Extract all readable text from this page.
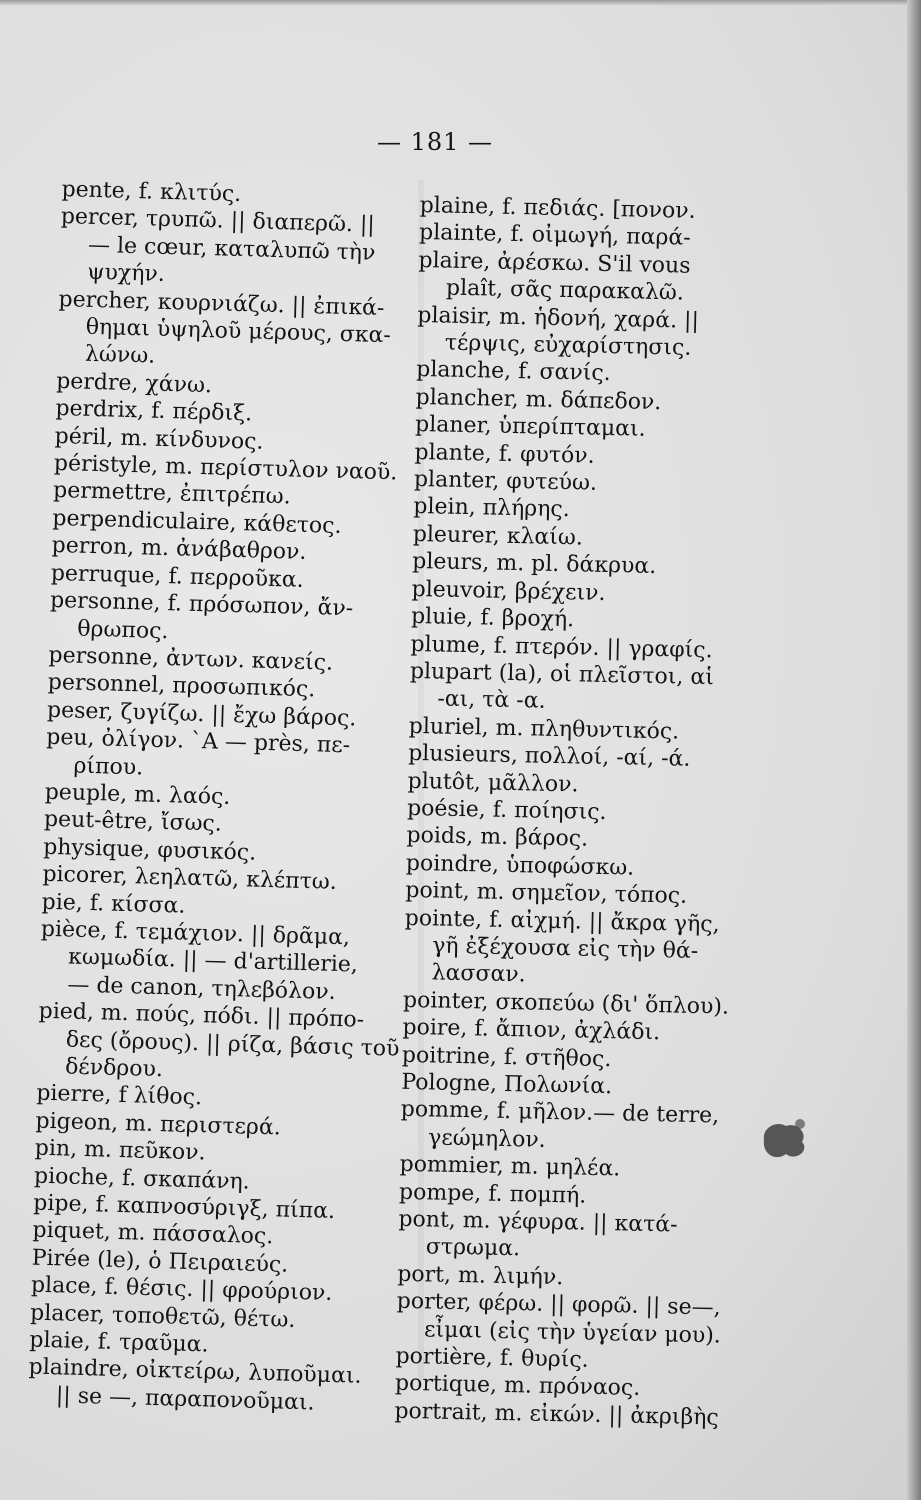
— 181 —
pente, f. κλιτύς.
percer, τρυπῶ. || διαπερῶ. ||
— le cœur, καταλυπῶ τὴν
ψυχήν.
percher, κουρνιάζω. || ἐπικά-
θημαι ὑψηλοῦ μέρους, σκα-
λώνω.
perdre, χάνω.
perdrix, f. πέρδιξ.
péril, m. κίνδυνος.
péristyle, m. περίστυλον ναοῦ.
permettre, ἐπιτρέπω.
perpendiculaire, κάθετος.
perron, m. ἀνάβαθρον.
perruque, f. περροῦκα.
personne, f. πρόσωπον, ἄν-
θρωπος.
personne, ἀντων. κανείς.
personnel, προσωπικός.
peser, ζυγίζω. || ἔχω βάρος.
peu, ὀλίγον. `A — près, πε-
ρίπου.
peuple, m. λαός.
peut-être, ἴσως.
physique, φυσικός.
picorer, λεηλατῶ, κλέπτω.
pie, f. κίσσα.
pièce, f. τεμάχιον. || δρᾶμα,
κωμωδία. || — d'artillerie,
— de canon, τηλεβόλον.
pied, m. πούς, πόδι. || πρόπο-
δες (ὄρους). || ρίζα, βάσις τοῦ
δένδρου.
pierre, f λίθος.
pigeon, m. περιστερά.
pin, m. πεῦκον.
pioche, f. σκαπάνη.
pipe, f. καπνοσύριγξ, πίπα.
piquet, m. πάσσαλος.
Pirée (le), ὁ Πειραιεύς.
place, f. θέσις. || φρούριον.
placer, τοποθετῶ, θέτω.
plaie, f. τραῦμα.
plaindre, οἰκτείρω, λυποῦμαι.
|| se —, παραπονοῦμαι.
plaine, f. πεδιάς. [πονον.
plainte, f. οἰμωγή, παρά-
plaire, ἀρέσκω. S'il vous
plaît, σᾶς παρακαλῶ.
plaisir, m. ἡδονή, χαρά. ||
τέρψις, εὐχαρίστησις.
planche, f. σανίς.
plancher, m. δάπεδον.
planer, ὑπερίπταμαι.
plante, f. φυτόν.
planter, φυτεύω.
plein, πλήρης.
pleurer, κλαίω.
pleurs, m. pl. δάκρυα.
pleuvoir, βρέχειν.
pluie, f. βροχή.
plume, f. πτερόν. || γραφίς.
plupart (la), οἱ πλεῖστοι, αἱ
-αι, τὰ -α.
pluriel, m. πληθυντικός.
plusieurs, πολλοί, -αί, -ά.
plutôt, μᾶλλον.
poésie, f. ποίησις.
poids, m. βάρος.
poindre, ὑποφώσκω.
point, m. σημεῖον, τόπος.
pointe, f. αἰχμή. || ἄκρα γῆς,
γῆ ἐξέχουσα εἰς τὴν θά-
λασσαν.
pointer, σκοπεύω (δι' ὅπλου).
poire, f. ἄπιον, ἀχλάδι.
poitrine, f. στῆθος.
Pologne, Πολωνία.
pomme, f. μῆλον.— de terre,
γεώμηλον.
pommier, m. μηλέα.
pompe, f. πομπή.
pont, m. γέφυρα. || κατά-
στρωμα.
port, m. λιμήν.
porter, φέρω. || φορῶ. || se—,
εἶμαι (εἰς τὴν ὑγείαν μου).
portière, f. θυρίς.
portique, m. πρόναος.
portrait, m. εἰκών. || ἀκριβὴς
